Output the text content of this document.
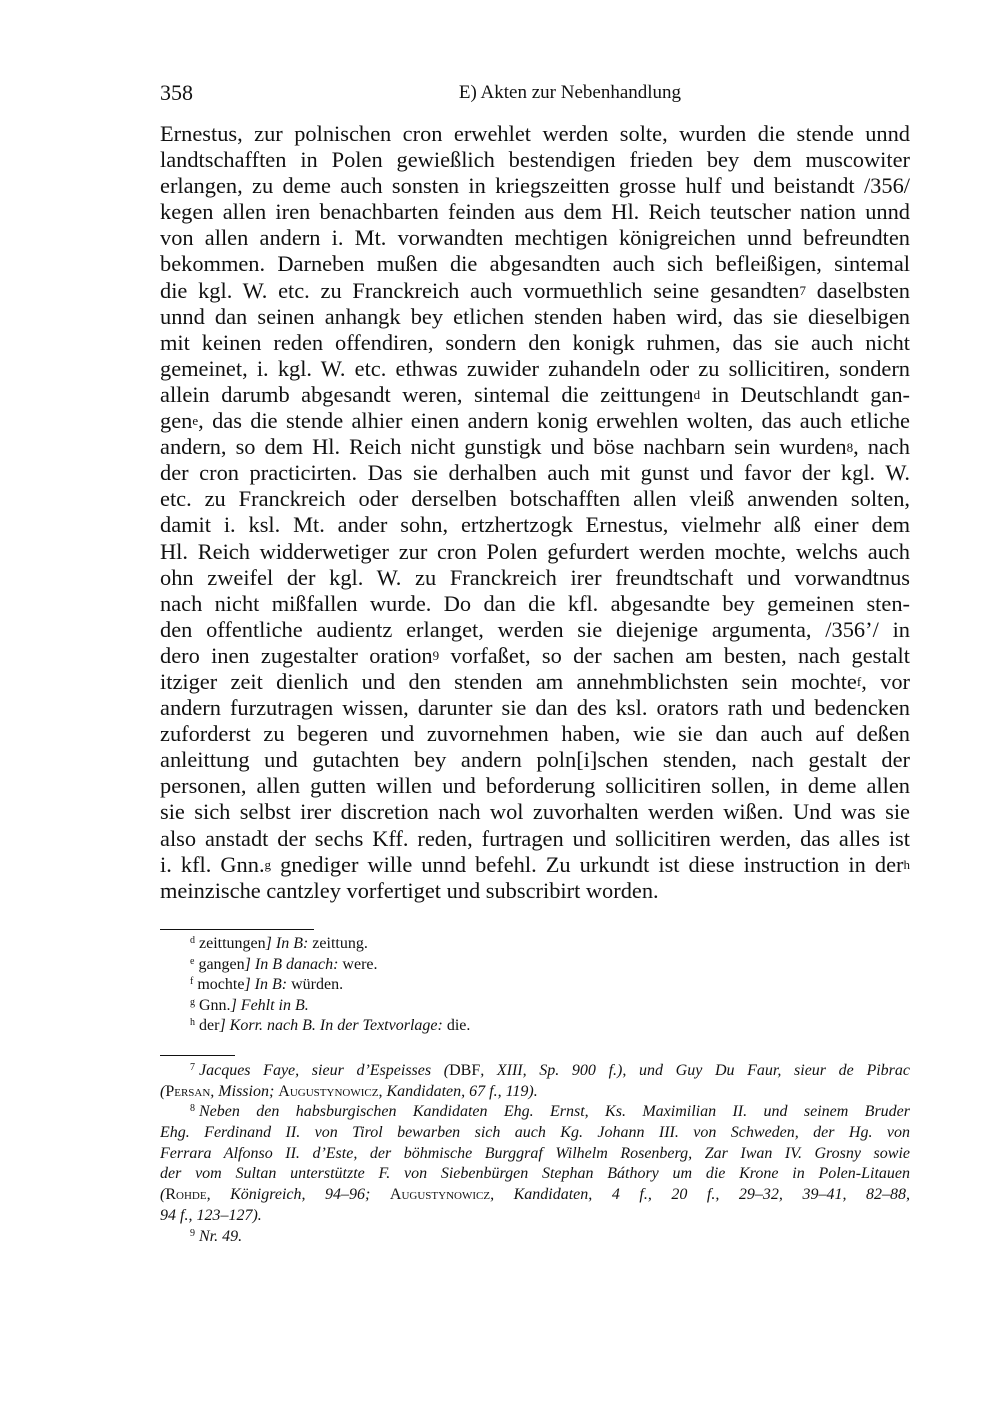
358	E) Akten zur Nebenhandlung
Ernestus, zur polnischen cron erwehlet werden solte, wurden die stende unnd
landtschafften in Polen gewießlich bestendigen frieden bey dem muscowiter
erlangen, zu deme auch sonsten in kriegszeitten grosse hulf und beistandt /356/
kegen allen iren benachbarten feinden aus dem Hl. Reich teutscher nation unnd
von allen andern i. Mt. vorwandten mechtigen königreichen unnd befreundten
bekommen. Darneben mußen die abgesandten auch sich befleißigen, sintemal
die kgl. W. etc. zu Franckreich auch vormuethlich seine gesandten$^7$ daselbsten
unnd dan seinen anhangk bey etlichen stenden haben wird, das sie dieselbigen
mit keinen reden offendiren, sondern den konigk ruhmen, das sie auch nicht
gemeinet, i. kgl. W. etc. ethwas zuwider zuhandeln oder zu sollicitiren, sondern
allein darumb abgesandt weren, sintemal die zeittungen$^d$ in Deutschlandt gan-
gen$^e$, das die stende alhier einen andern konig erwehlen wolten, das auch etliche
andern, so dem Hl. Reich nicht gunstigk und böse nachbarn sein wurden$^8$, nach
der cron practicirten. Das sie derhalben auch mit gunst und favor der kgl. W.
etc. zu Franckreich oder derselben botschafften allen vleiß anwenden solten,
damit i. ksl. Mt. ander sohn, ertzhertzogk Ernestus, vielmehr alß einer dem
Hl. Reich widderwetiger zur cron Polen gefurdert werden mochte, welchs auch
ohn zweifel der kgl. W. zu Franckreich irer freundtschaft und vorwandtnus
nach nicht mißfallen wurde. Do dan die kfl. abgesandte bey gemeinen sten-
den offentliche audientz erlanget, werden sie diejenige argumenta, /356’/ in
dero inen zugestalter oration$^9$ vorfaßet, so der sachen am besten, nach gestalt
itziger zeit dienlich und den stenden am annehmblichsten sein mochte$^f$, vor
andern furzutragen wissen, darunter sie dan des ksl. orators rath und bedencken
zuforderst zu begeren und zuvornehmen haben, wie sie dan auch auf deßen
anleittung und gutachten bey andern poln[i]schen stenden, nach gestalt der
personen, allen gutten willen und beforderung sollicitiren sollen, in deme allen
sie sich selbst irer discretion nach wol zuvorhalten werden wißen. Und was sie
also anstadt der sechs Kff. reden, furtragen und sollicitiren werden, das alles ist
i. kfl. Gnn.$^g$ gnediger wille unnd befehl. Zu urkundt ist diese instruction in der$^h$
meinzische cantzley vorfertiget und subscribirt worden.
$^d$ zeittungen] In B: zeittung.
$^e$ gangen] In B danach: were.
$^f$ mochte] In B: würden.
$^g$ Gnn.] Fehlt in B.
$^h$ der] Korr. nach B. In der Textvorlage: die.
$^7$ Jacques Faye, sieur d’Espeisses (DBF, XIII, Sp. 900 f.), und Guy Du Faur, sieur de Pibrac
(Persan, Mission; Augustynowicz, Kandidaten, 67 f., 119).
$^8$ Neben den habsburgischen Kandidaten Ehg. Ernst, Ks. Maximilian II. und seinem Bruder
Ehg. Ferdinand II. von Tirol bewarben sich auch Kg. Johann III. von Schweden, der Hg. von
Ferrara Alfonso II. d’Este, der böhmische Burggraf Wilhelm Rosenberg, Zar Iwan IV. Grosny sowie
der vom Sultan unterstützte F. von Siebenbürgen Stephan Báthory um die Krone in Polen-Litauen
(Rohde, Königreich, 94–96; Augustynowicz, Kandidaten, 4 f., 20 f., 29–32, 39–41, 82–88,
94 f., 123–127).
$^9$ Nr. 49.
